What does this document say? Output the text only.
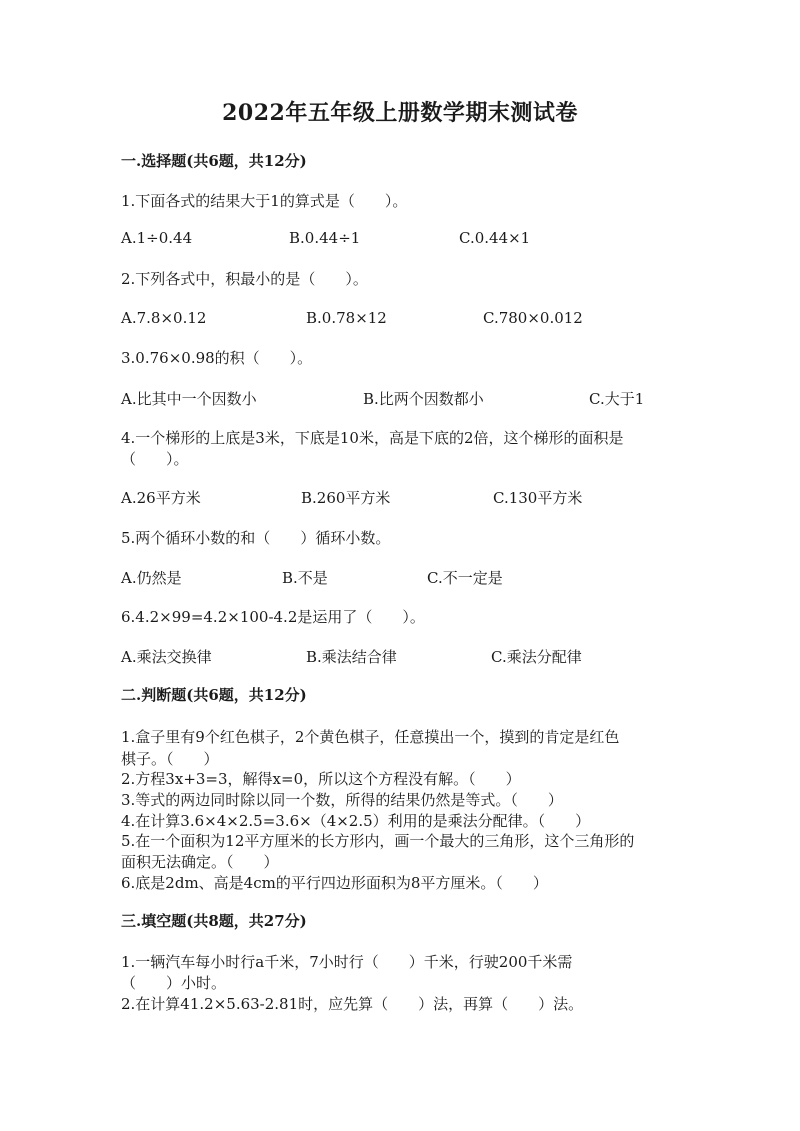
2022年五年级上册数学期末测试卷
一.选择题(共6题，共12分)
1.下面各式的结果大于1的算式是（　　）。
A.1÷0.44	B.0.44÷1	C.0.44×1
2.下列各式中，积最小的是（　　）。
A.7.8×0.12	B.0.78×12	C.780×0.012
3.0.76×0.98的积（　　）。
A.比其中一个因数小	B.比两个因数都小	C.大于1
4.一个梯形的上底是3米，下底是10米，高是下底的2倍，这个梯形的面积是
（　　）。
A.26平方米	B.260平方米	C.130平方米
5.两个循环小数的和（　　）循环小数。
A.仍然是	B.不是	C.不一定是
6.4.2×99=4.2×100-4.2是运用了（　　）。
A.乘法交换律	B.乘法结合律	C.乘法分配律
二.判断题(共6题，共12分)
1.盒子里有9个红色棋子，2个黄色棋子，任意摸出一个，摸到的肯定是红色
棋子。（　　）
2.方程3x+3=3，解得x=0，所以这个方程没有解。（　　）
3.等式的两边同时除以同一个数，所得的结果仍然是等式。（　　）
4.在计算3.6×4×2.5=3.6×（4×2.5）利用的是乘法分配律。（　　）
5.在一个面积为12平方厘米的长方形内，画一个最大的三角形，这个三角形的
面积无法确定。（　　）
6.底是2dm、高是4cm的平行四边形面积为8平方厘米。（　　）
三.填空题(共8题，共27分)
1.一辆汽车每小时行a千米，7小时行（　　）千米，行驶200千米需
（　　）小时。
2.在计算41.2×5.63-2.81时，应先算（　　）法，再算（　　）法。
